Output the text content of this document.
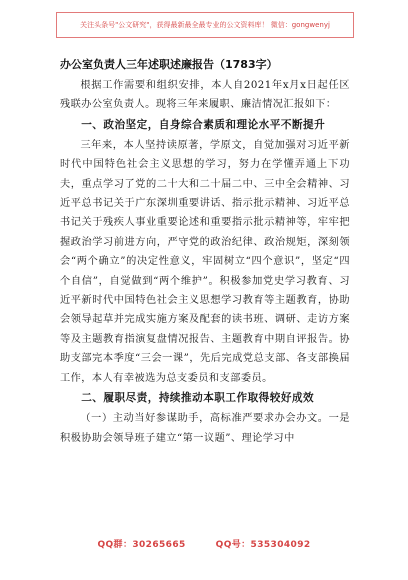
关注头条号"公文研究"，获得最新最全最专业的公文资料库！ 微信：gongwenyj
办公室负责人三年述职述廉报告（1783字）

根据工作需要和组织安排，本人自2021年x月x日起任区残联办公室负责人。现将三年来履职、廉洁情况汇报如下：

一、政治坚定，自身综合素质和理论水平不断提升

三年来，本人坚持读原著，学原文，自觉加强对习近平新时代中国特色社会主义思想的学习，努力在学懂弄通上下功夫，重点学习了党的二十大和二十届二中、三中全会精神、习近平总书记关于广东深圳重要讲话、指示批示精神、习近平总书记关于残疾人事业重要论述和重要指示批示精神等，牢牢把握政治学习前进方向，严守党的政治纪律、政治规矩，深刻领会“两个确立”的决定性意义，牢固树立“四个意识”，坚定“四个自信”，自觉做到“两个维护”。积极参加党史学习教育、习近平新时代中国特色社会主义思想学习教育等主题教育，协助会领导起草并完成实施方案及配套的读书班、调研、走访方案等及主题教育指演复盘情况报告、主题教育中期自评报告。协助支部完本季度“三会一课”，先后完成党总支部、各支部换届工作，本人有幸被选为总支委员和支部委员。

二、履职尽责，持续推动本职工作取得较好成效

（一）主动当好参谋助手，高标准严要求办会办文。一是积极协助会领导班子建立“第一议题”、理论学习中

QQ群：30265665	QQ号：535304092
